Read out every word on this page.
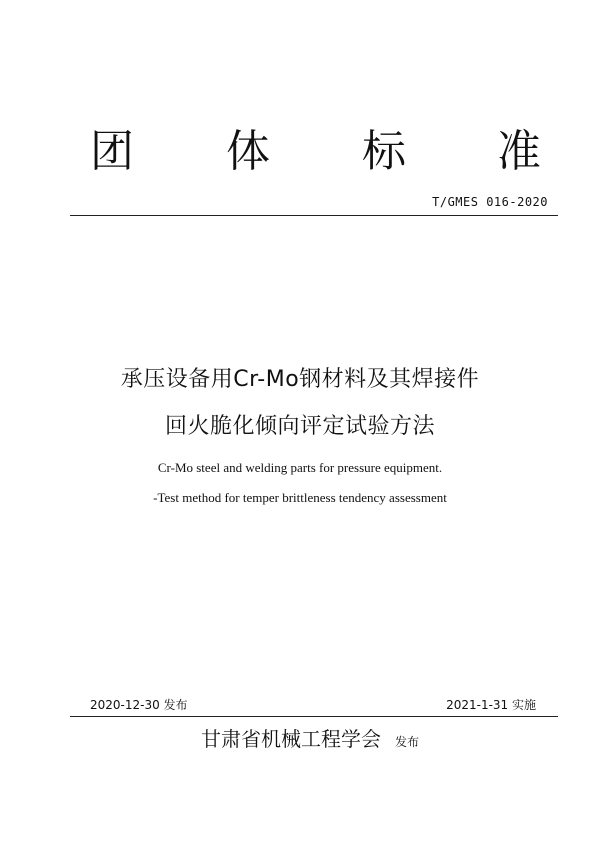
团 体 标 准
T/GMES 016-2020
承压设备用Cr-Mo钢材料及其焊接件
回火脆化倾向评定试验方法
Cr-Mo steel and welding parts for pressure equipment.
-Test method for temper brittleness tendency assessment
2020-12-30 发布	2021-1-31 实施
甘肃省机械工程学会 发布
